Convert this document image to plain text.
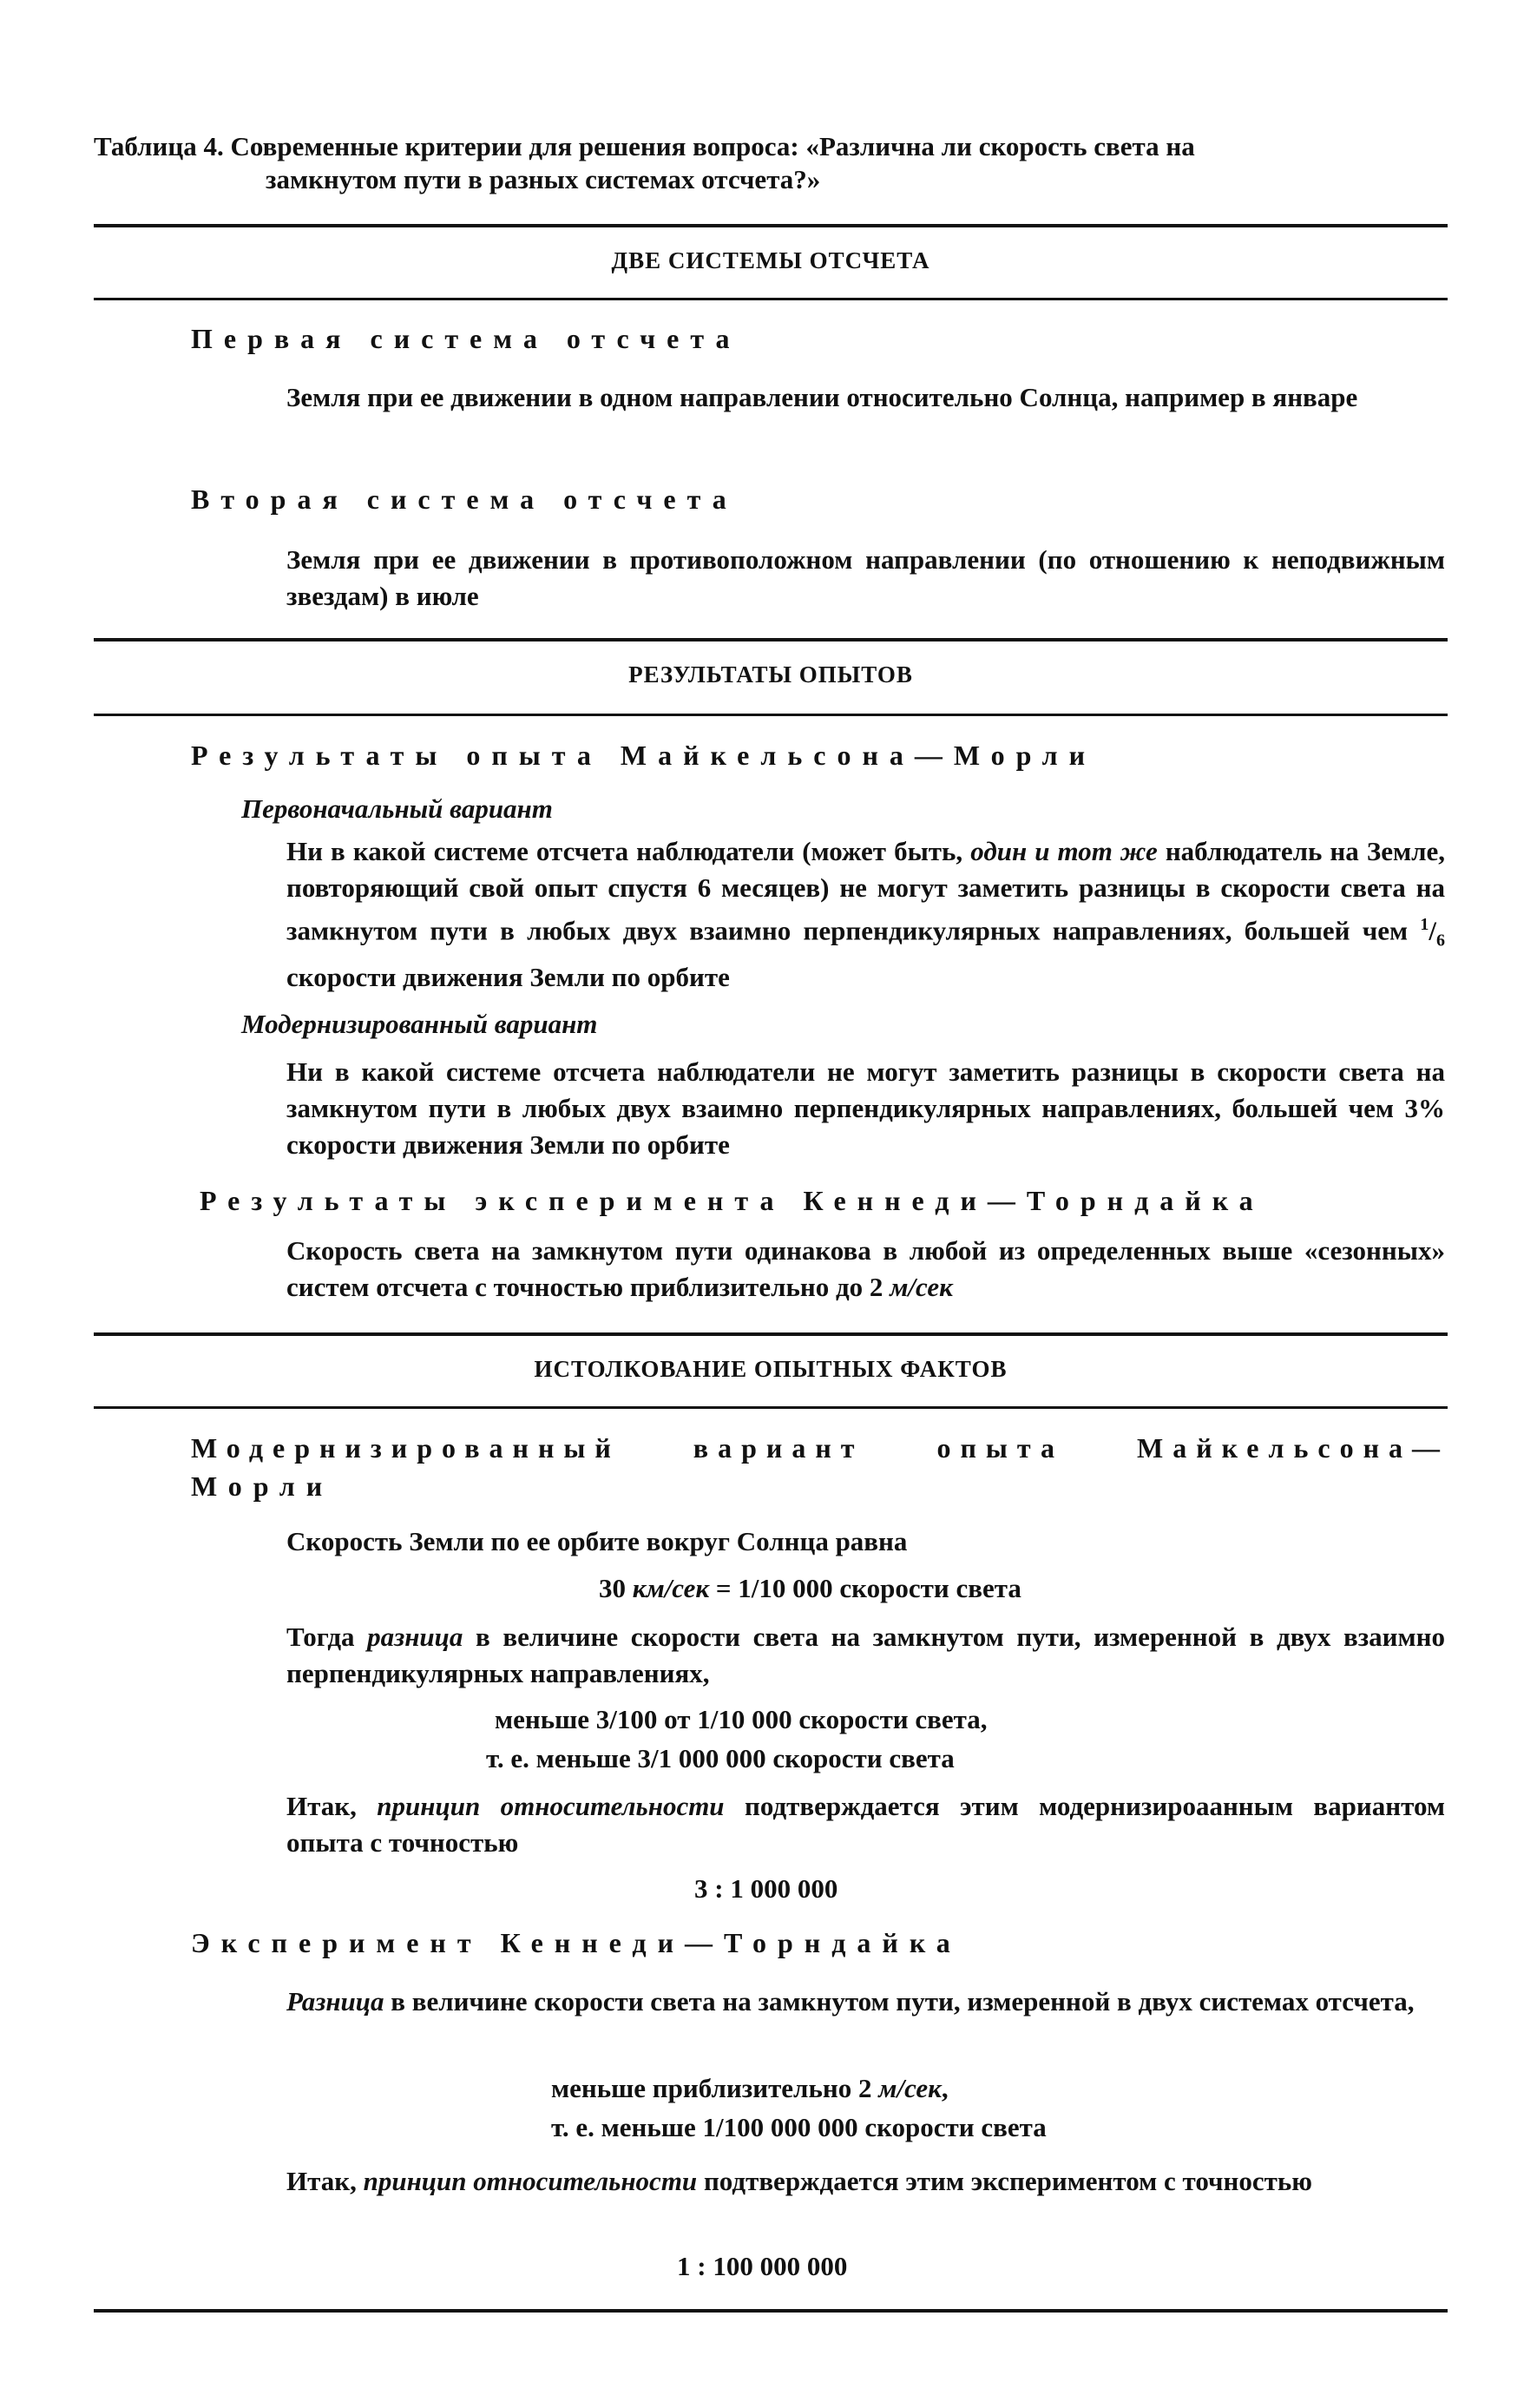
Таблица 4. Современные критерии для решения вопроса: «Различна ли скорость света на
замкнутом пути в разных системах отсчета?»
ДВЕ СИСТЕМЫ ОТСЧЕТА
Первая система отсчета
Земля при ее движении в одном направлении относительно Солнца, например в январе
Вторая система отсчета
Земля при ее движении в противоположном направлении (по отношению к неподвижным звездам) в июле
РЕЗУЛЬТАТЫ ОПЫТОВ
Результаты опыта Майкельсона—Морли
Первоначальный вариант
Ни в какой системе отсчета наблюдатели (может быть, один и тот же наблюдатель на Земле, повторяющий свой опыт спустя 6 месяцев) не могут заметить разницы в скорости света на замкнутом пути в любых двух взаимно перпендикулярных направлениях, большей чем $^1/_6$ скорости движения Земли по орбите
Модернизированный вариант
Ни в какой системе отсчета наблюдатели не могут заметить разницы в скорости света на замкнутом пути в любых двух взаимно перпендикулярных направлениях, большей чем 3% скорости движения Земли по орбите
Результаты эксперимента Кеннеди—Торндайка
Скорость света на замкнутом пути одинакова в любой из определенных выше «сезонных» систем отсчета с точностью приблизительно до 2 м/сек
ИСТОЛКОВАНИЕ ОПЫТНЫХ ФАКТОВ
Модернизированный вариант опыта Майкельсона—
Морли
Скорость Земли по ее орбите вокруг Солнца равна
30 км/сек = 1/10 000 скорости света
Тогда разница в величине скорости света на замкнутом пути, измеренной в двух взаимно перпендикулярных направлениях,
меньше 3/100 от 1/10 000 скорости света,
т. е. меньше 3/1 000 000 скорости света
Итак, принцип относительности подтверждается этим модернизироаанным вариантом опыта с точностью
3 : 1 000 000
Эксперимент Кеннеди—Торндайка
Разница в величине скорости света на замкнутом пути, измеренной в двух системах отсчета,
меньше приблизительно 2 м/сек,
т. е. меньше 1/100 000 000 скорости света
Итак, принцип относительности подтверждается этим экспериментом с точностью
1 : 100 000 000
